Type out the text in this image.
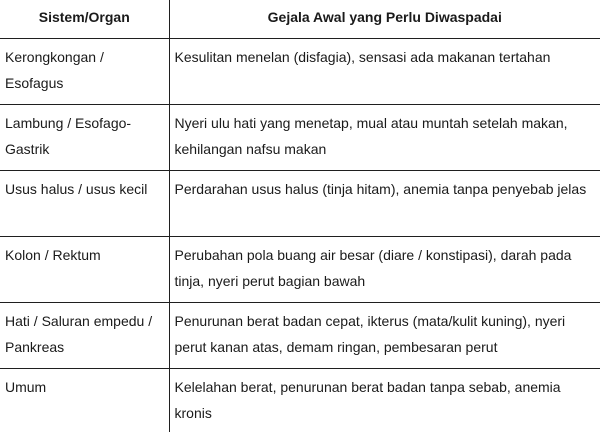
Sistem/Organ	Gejala Awal yang Perlu Diwaspadai
Kerongkongan / Esofagus	Kesulitan menelan (disfagia), sensasi ada makanan tertahan
Lambung / Esofago-Gastrik	Nyeri ulu hati yang menetap, mual atau muntah setelah makan, kehilangan nafsu makan
Usus halus / usus kecil	Perdarahan usus halus (tinja hitam), anemia tanpa penyebab jelas
Kolon / Rektum	Perubahan pola buang air besar (diare / konstipasi), darah pada tinja, nyeri perut bagian bawah
Hati / Saluran empedu / Pankreas	Penurunan berat badan cepat, ikterus (mata/kulit kuning), nyeri perut kanan atas, demam ringan, pembesaran perut
Umum	Kelelahan berat, penurunan berat badan tanpa sebab, anemia kronis
